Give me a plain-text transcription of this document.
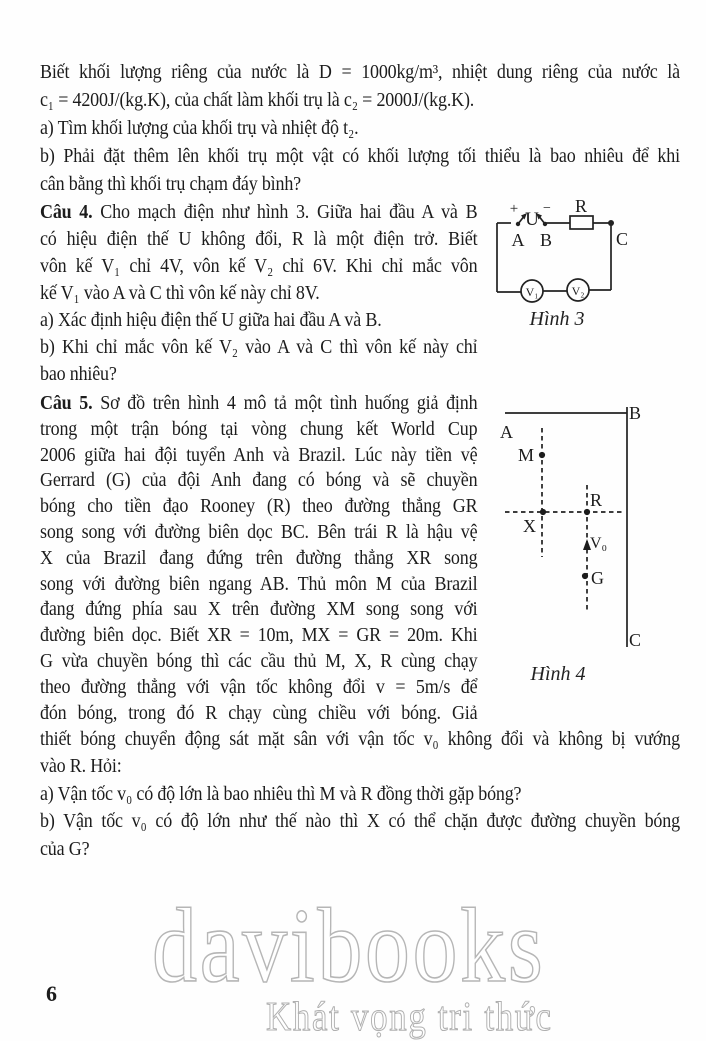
davibooks
Khát vọng tri thức
Biết khối lượng riêng của nước là D = 1000kg/m³, nhiệt dung riêng của nước là
c₁ = 4200J/(kg.K), của chất làm khối trụ là c₂ = 2000J/(kg.K).
a) Tìm khối lượng của khối trụ và nhiệt độ t₂.
b) Phải đặt thêm lên khối trụ một vật có khối lượng tối thiểu là bao nhiêu để khi
cân bằng thì khối trụ chạm đáy bình?
Câu 4. Cho mạch điện như hình 3. Giữa hai đầu A và B
có hiệu điện thế U không đổi, R là một điện trở. Biết
vôn kế V₁ chỉ 4V, vôn kế V₂ chỉ 6V. Khi chỉ mắc vôn
kế V₁ vào A và C thì vôn kế này chỉ 8V.
a) Xác định hiệu điện thế U giữa hai đầu A và B.
b) Khi chỉ mắc vôn kế V₂ vào A và C thì vôn kế này chỉ
bao nhiêu?
+ U
−
A B
R
C
V₁	V₂
Hình 3
Câu 5. Sơ đồ trên hình 4 mô tả một tình huống giả định
trong một trận bóng tại vòng chung kết World Cup
2006 giữa hai đội tuyển Anh và Brazil. Lúc này tiền vệ
Gerrard (G) của đội Anh đang có bóng và sẽ chuyền
bóng cho tiền đạo Rooney (R) theo đường thẳng GR
song song với đường biên dọc BC. Bên trái R là hậu vệ
X của Brazil đang đứng trên đường thẳng XR song
song với đường biên ngang AB. Thủ môn M của Brazil
đang đứng phía sau X trên đường XM song song với
đường biên dọc. Biết XR = 10m, MX = GR = 20m. Khi
G vừa chuyền bóng thì các cầu thủ M, X, R cùng chạy
theo đường thẳng với vận tốc không đổi v = 5m/s để
đón bóng, trong đó R chạy cùng chiều với bóng. Giả
A
B
C
M
X
R
V₀
G
Hình 4
thiết bóng chuyển động sát mặt sân với vận tốc v₀ không đổi và không bị vướng
vào R. Hỏi:
a) Vận tốc v₀ có độ lớn là bao nhiêu thì M và R đồng thời gặp bóng?
b) Vận tốc v₀ có độ lớn như thế nào thì X có thể chặn được đường chuyền bóng
của G?
6
